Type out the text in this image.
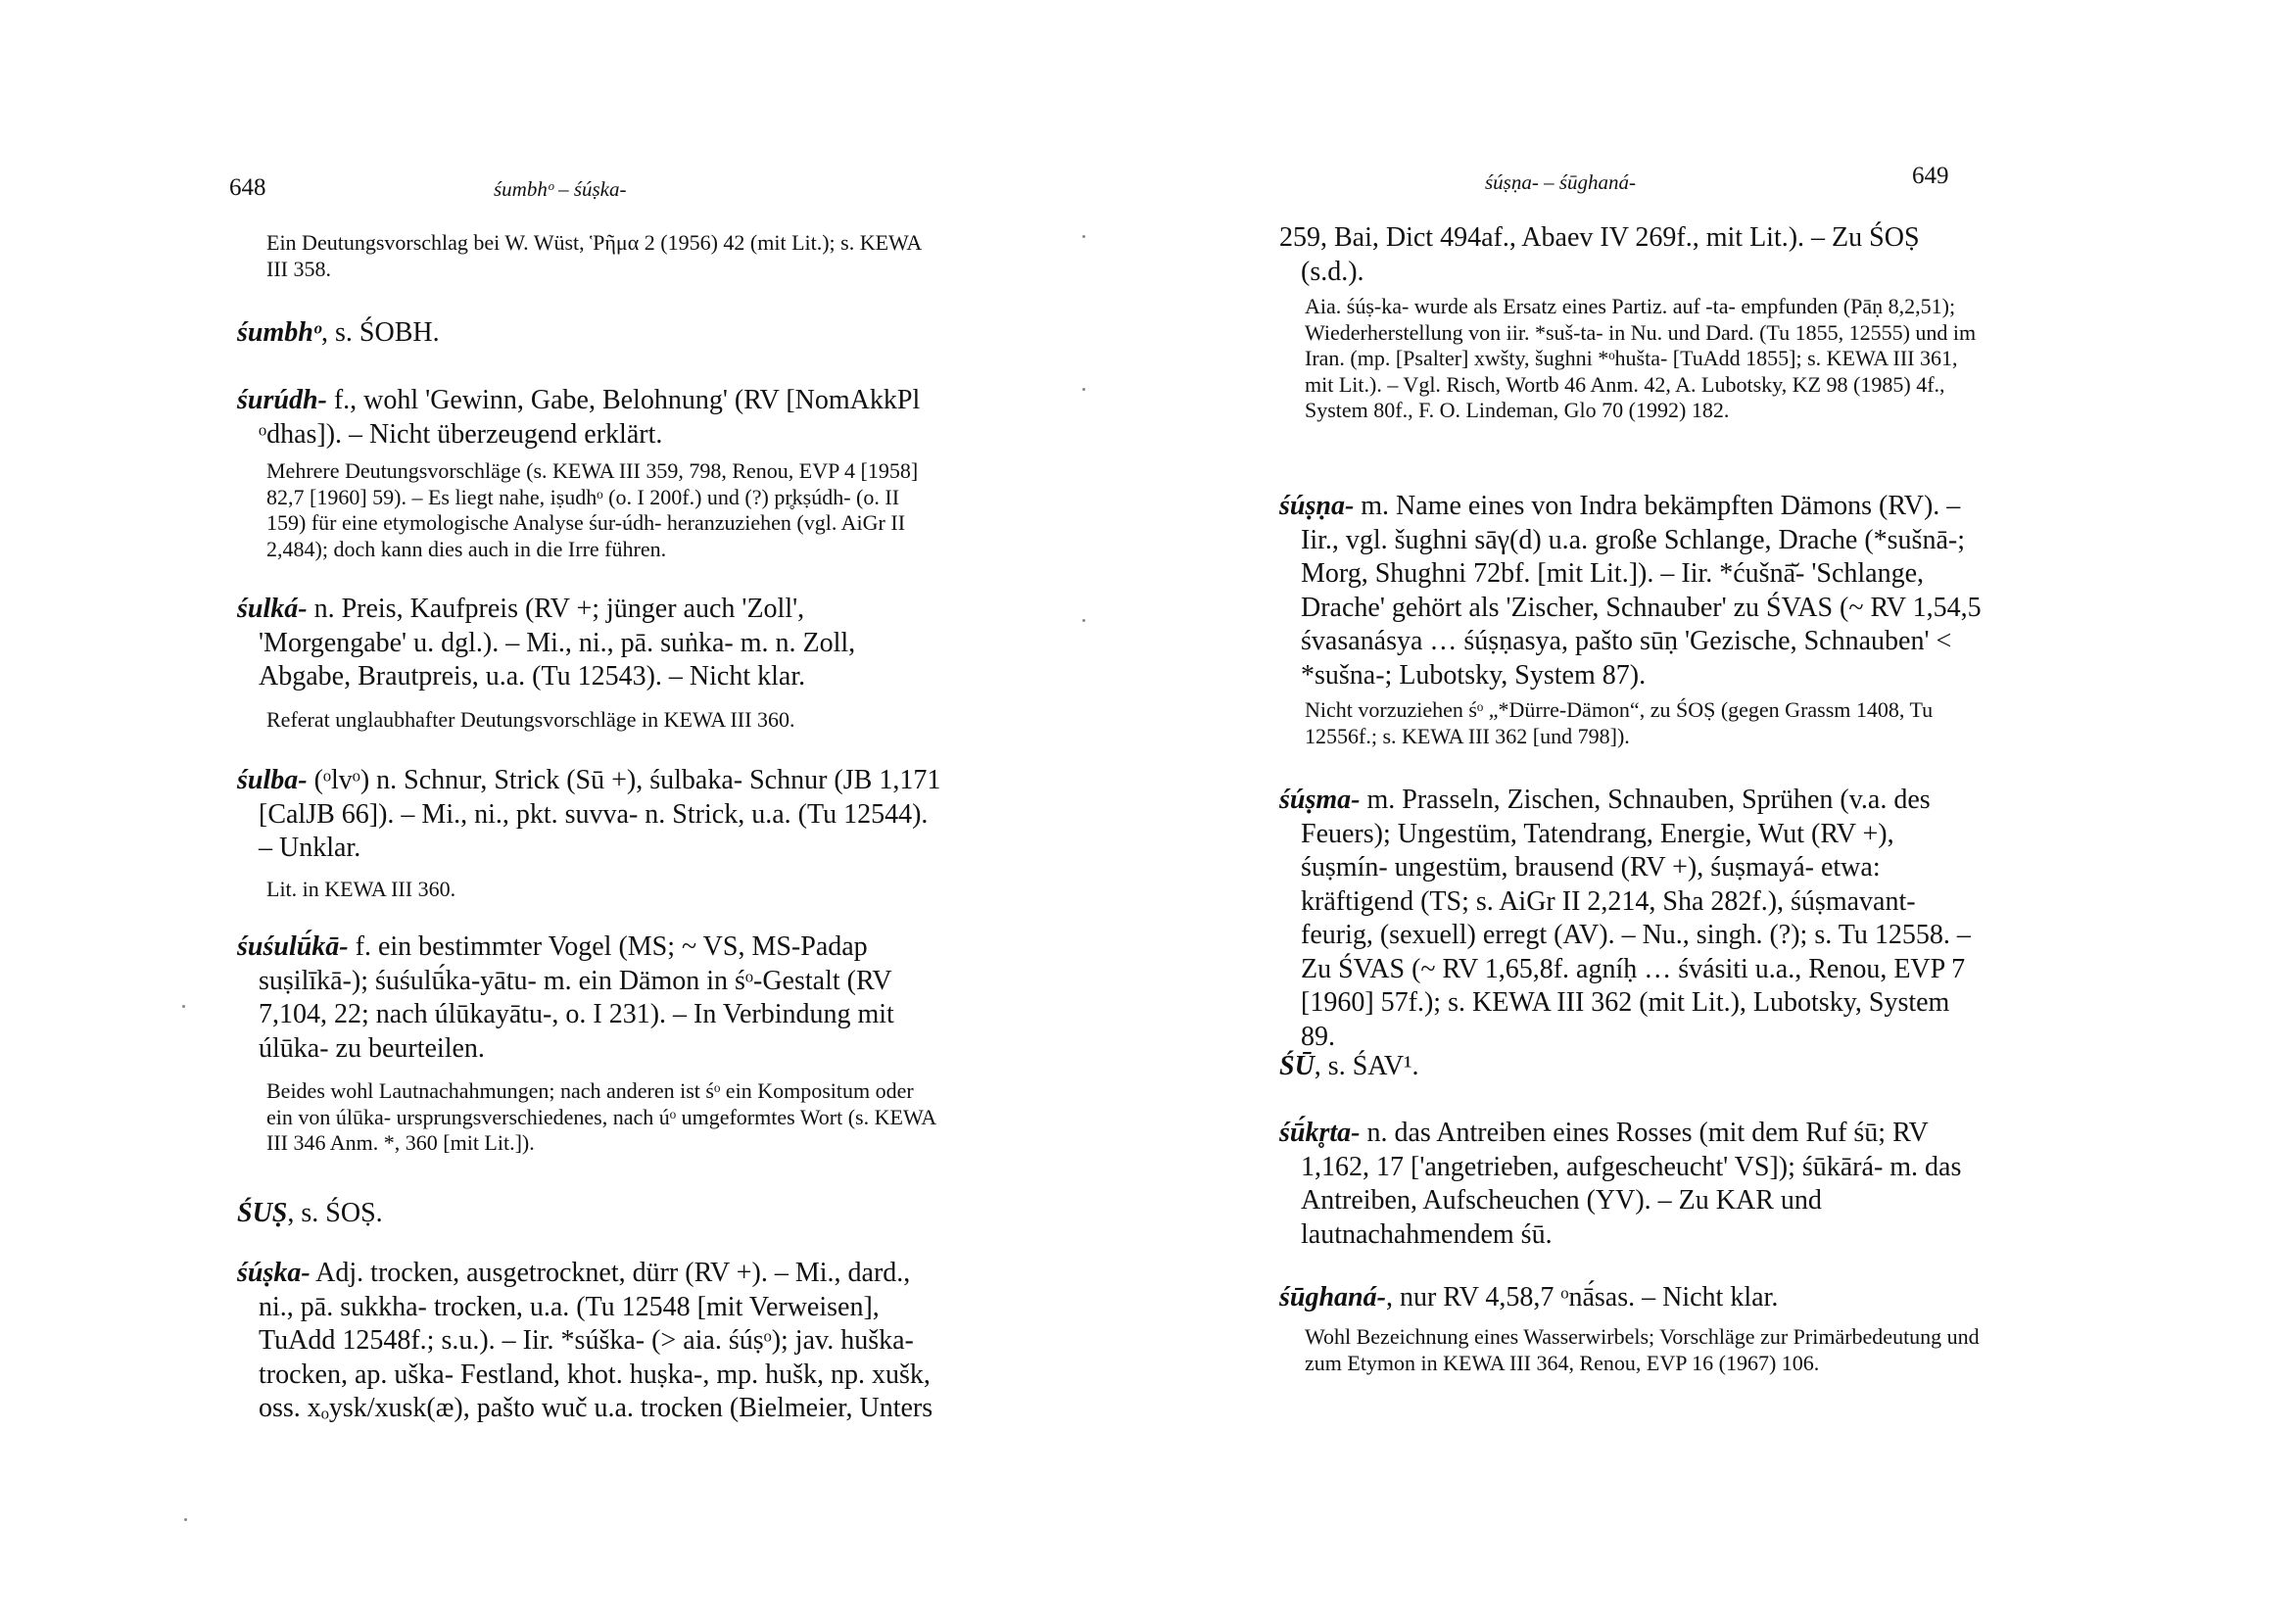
648	śumbhᵒ – śúṣka-
Ein Deutungsvorschlag bei W. Wüst, Ῥῆμα 2 (1956) 42 (mit Lit.); s. KEWA III 358.
śumbhᵒ, s. ŚOBH.
śurúdh- f., wohl 'Gewinn, Gabe, Belohnung' (RV [NomAkkPl ᵒdhas]). – Nicht überzeugend erklärt.
Mehrere Deutungsvorschläge (s. KEWA III 359, 798, Renou, EVP 4 [1958] 82,7 [1960] 59). – Es liegt nahe, iṣudhᵒ (o. I 200f.) und (?) pr̥kṣúdh- (o. II 159) für eine etymologische Analyse śur-údh- heranzuziehen (vgl. AiGr II 2,484); doch kann dies auch in die Irre führen.
śulká- n. Preis, Kaufpreis (RV +; jünger auch 'Zoll', 'Morgengabe' u. dgl.). – Mi., ni., pā. suṅka- m. n. Zoll, Abgabe, Brautpreis, u.a. (Tu 12543). – Nicht klar.
Referat unglaubhafter Deutungsvorschläge in KEWA III 360.
śulba- (ᵒlvᵒ) n. Schnur, Strick (Sū +), śulbaka- Schnur (JB 1,171 [CalJB 66]). – Mi., ni., pkt. suvva- n. Strick, u.a. (Tu 12544). – Unklar.
Lit. in KEWA III 360.
śuśulū́kā- f. ein bestimmter Vogel (MS; ~ VS, MS-Padap suṣilīkā-); śuśulū́ka-yātu- m. ein Dämon in śᵒ-Gestalt (RV 7,104, 22; nach úlūkayātu-, o. I 231). – In Verbindung mit úlūka- zu beurteilen.
Beides wohl Lautnachahmungen; nach anderen ist śᵒ ein Kompositum oder ein von úlūka- ursprungsverschiedenes, nach úᵒ umgeformtes Wort (s. KEWA III 346 Anm. *, 360 [mit Lit.]).
ŚUṢ, s. ŚOṢ.
śúṣka- Adj. trocken, ausgetrocknet, dürr (RV +). – Mi., dard., ni., pā. sukkha- trocken, u.a. (Tu 12548 [mit Verweisen], TuAdd 12548f.; s.u.). – Iir. *súška- (> aia. śúṣᵒ); jav. huška- trocken, ap. uška- Festland, khot. huṣka-, mp. hušk, np. xušk, oss. xₒysk/xusk(æ), pašto wuč u.a. trocken (Bielmeier, Unters
śúṣṇa- – śūghaná-	649
259, Bai, Dict 494af., Abaev IV 269f., mit Lit.). – Zu ŚOṢ (s.d.).
Aia. śúṣ-ka- wurde als Ersatz eines Partiz. auf -ta- empfunden (Pāṇ 8,2,51); Wiederherstellung von iir. *suš-ta- in Nu. und Dard. (Tu 1855, 12555) und im Iran. (mp. [Psalter] xwšty, šughni *ᵒhušta- [TuAdd 1855]; s. KEWA III 361, mit Lit.). – Vgl. Risch, Wortb 46 Anm. 42, A. Lubotsky, KZ 98 (1985) 4f., System 80f., F. O. Lindeman, Glo 70 (1992) 182.
śúṣṇa- m. Name eines von Indra bekämpften Dämons (RV). – Iir., vgl. šughni sāγ(d) u.a. große Schlange, Drache (*sušnā-; Morg, Shughni 72bf. [mit Lit.]). – Iir. *ćušnā̆- 'Schlange, Drache' gehört als 'Zischer, Schnauber' zu ŚVAS (~ RV 1,54,5 śvasanásya … śúṣṇasya, pašto sūṇ 'Gezische, Schnauben' < *sušna-; Lubotsky, System 87).
Nicht vorzuziehen śᵒ „*Dürre-Dämon“, zu ŚOṢ (gegen Grassm 1408, Tu 12556f.; s. KEWA III 362 [und 798]).
śúṣma- m. Prasseln, Zischen, Schnauben, Sprühen (v.a. des Feuers); Ungestüm, Tatendrang, Energie, Wut (RV +), śuṣmín- ungestüm, brausend (RV +), śuṣmayá- etwa: kräftigend (TS; s. AiGr II 2,214, Sha 282f.), śúṣmavant- feurig, (sexuell) erregt (AV). – Nu., singh. (?); s. Tu 12558. – Zu ŚVAS (~ RV 1,65,8f. agníḥ … śvásiti u.a., Renou, EVP 7 [1960] 57f.); s. KEWA III 362 (mit Lit.), Lubotsky, System 89.
ŚŪ, s. ŚAV¹.
śū́kr̥ta- n. das Antreiben eines Rosses (mit dem Ruf śū; RV 1,162, 17 ['angetrieben, aufgescheucht' VS]); śūkārá- m. das Antreiben, Aufscheuchen (YV). – Zu KAR und lautnachahmendem śū.
śūghaná-, nur RV 4,58,7 ᵒnā́sas. – Nicht klar.
Wohl Bezeichnung eines Wasserwirbels; Vorschläge zur Primärbedeutung und zum Etymon in KEWA III 364, Renou, EVP 16 (1967) 106.
